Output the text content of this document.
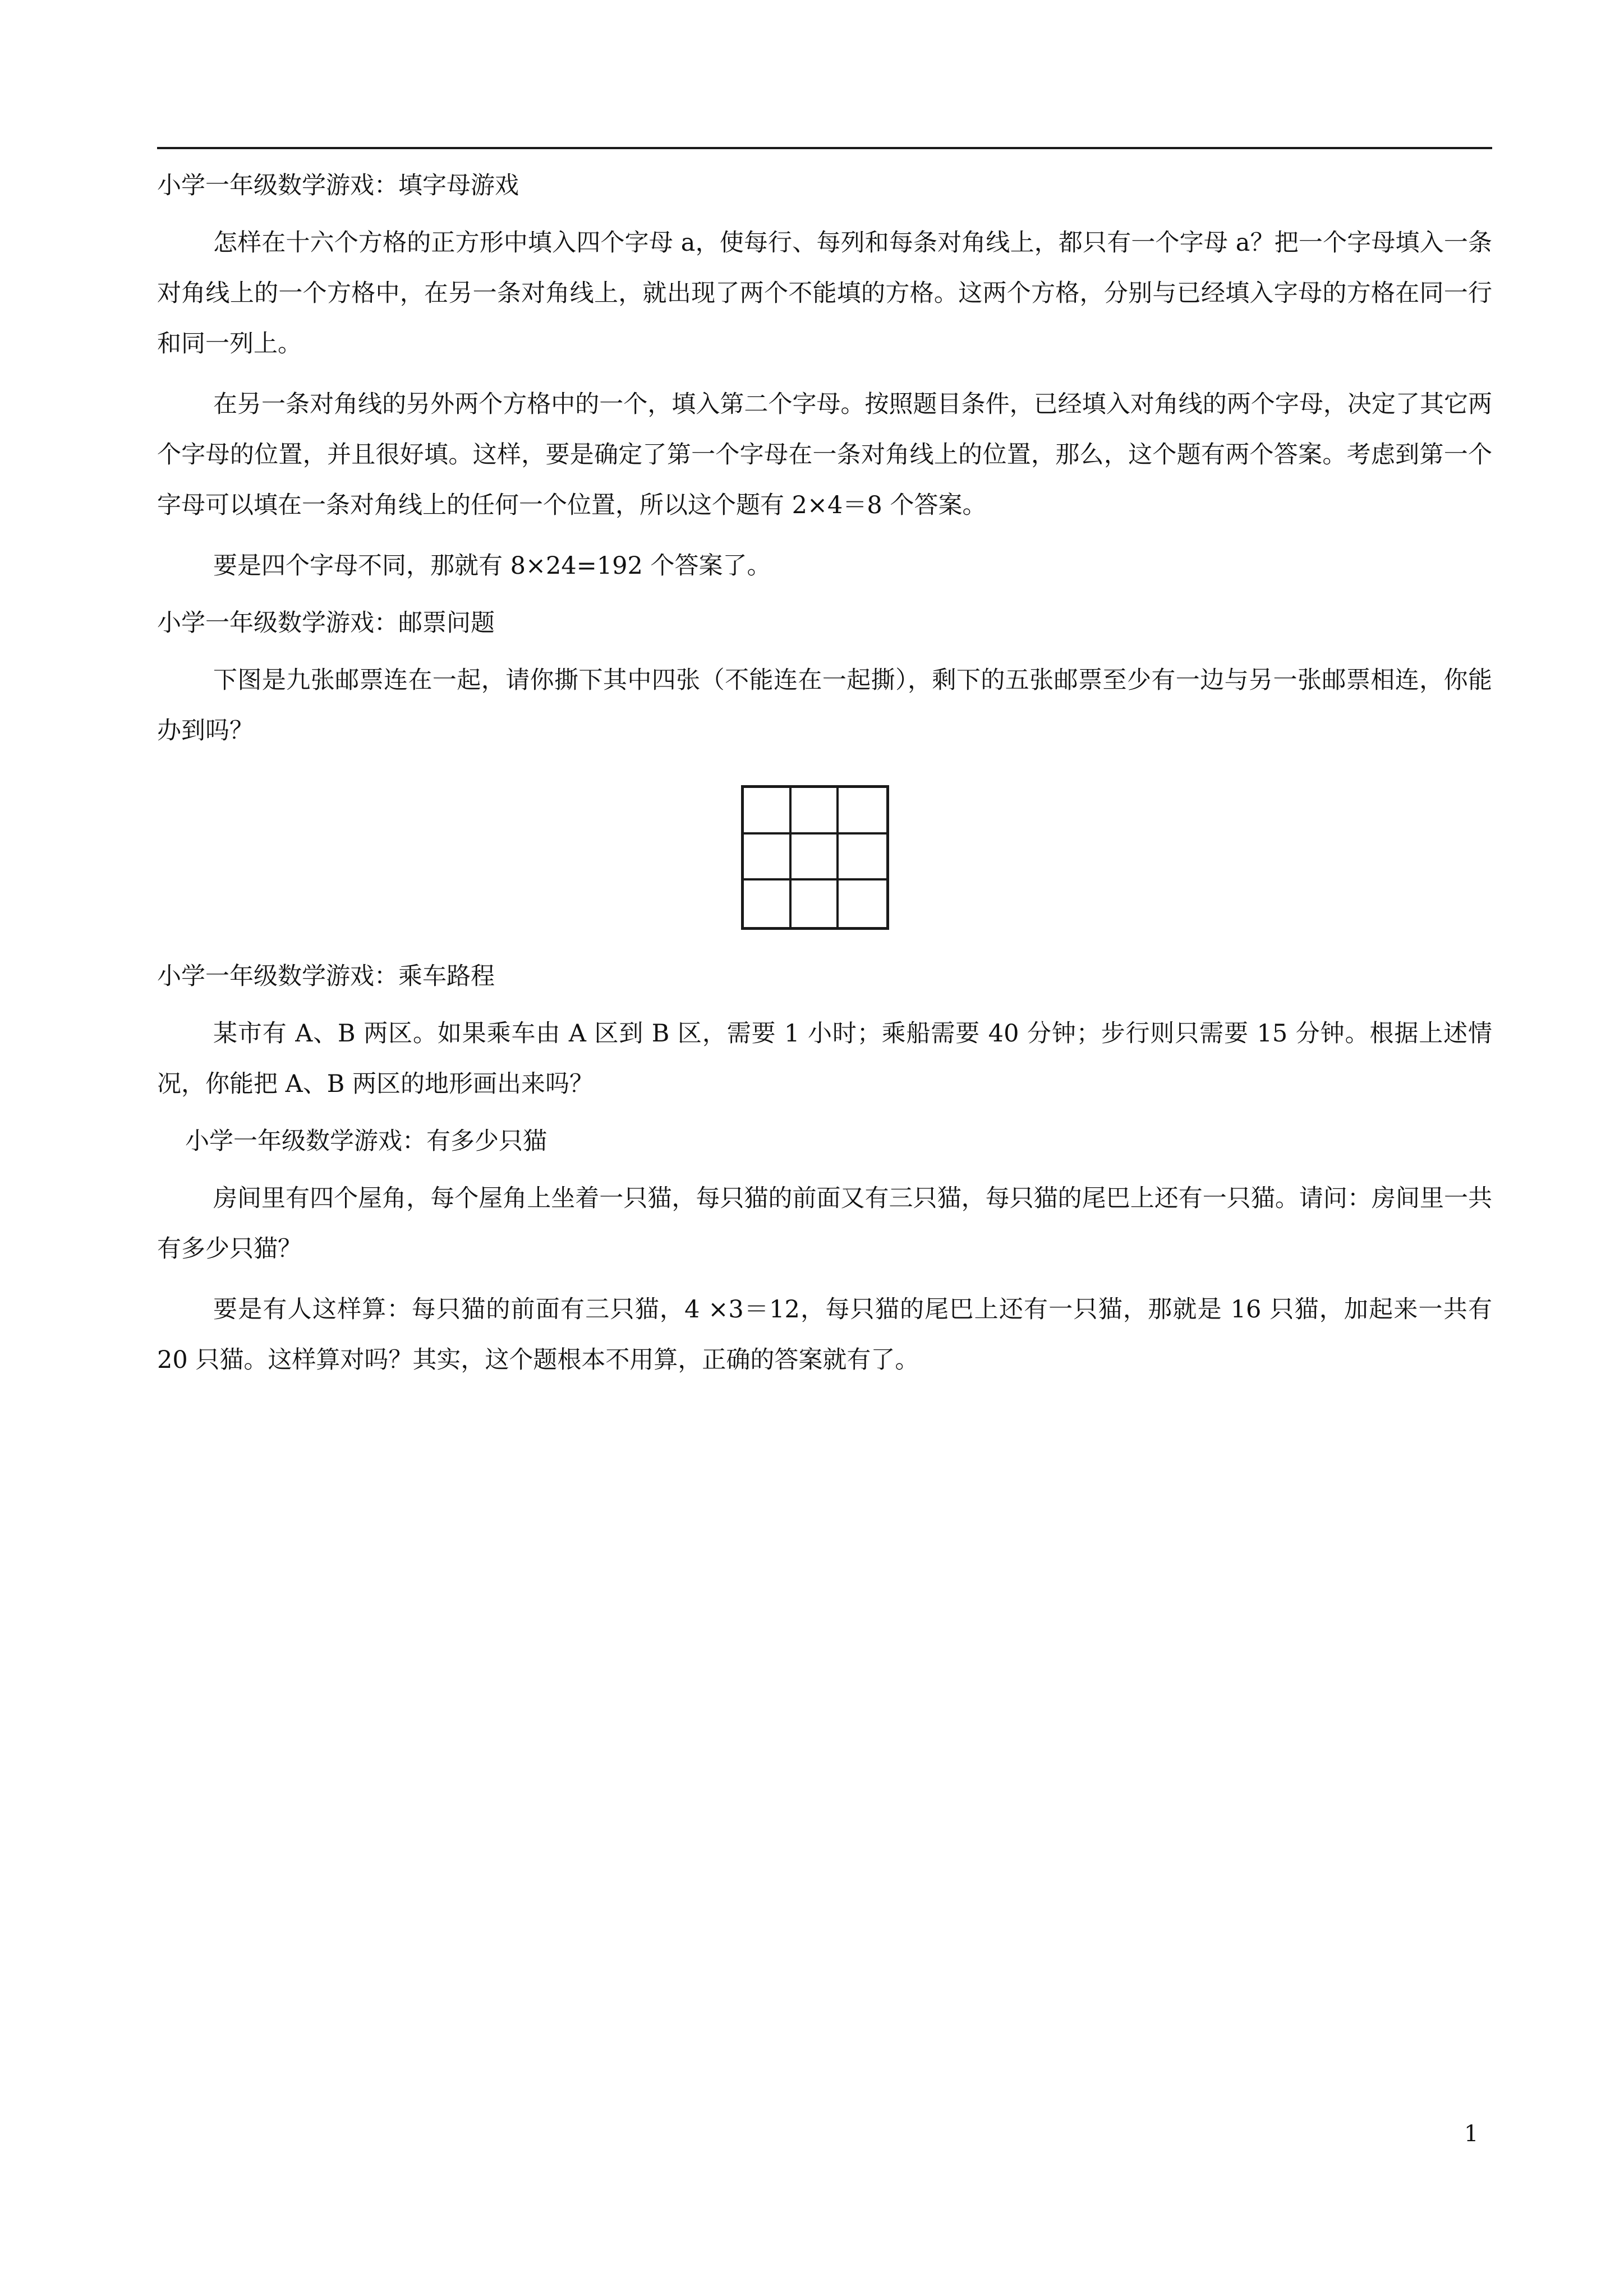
小学一年级数学游戏：填字母游戏

怎样在十六个方格的正方形中填入四个字母 a，使每行、每列和每条对角线上，都只有一个字母 a？把一个字母填入一条对角线上的一个方格中，在另一条对角线上，就出现了两个不能填的方格。这两个方格，分别与已经填入字母的方格在同一行和同一列上。

在另一条对角线的另外两个方格中的一个，填入第二个字母。按照题目条件，已经填入对角线的两个字母，决定了其它两个字母的位置，并且很好填。这样，要是确定了第一个字母在一条对角线上的位置，那么，这个题有两个答案。考虑到第一个字母可以填在一条对角线上的任何一个位置，所以这个题有 2×4＝8 个答案。

要是四个字母不同，那就有 8×24=192 个答案了。

小学一年级数学游戏：邮票问题

下图是九张邮票连在一起，请你撕下其中四张（不能连在一起撕），剩下的五张邮票至少有一边与另一张邮票相连，你能办到吗？

小学一年级数学游戏：乘车路程

某市有 A、B 两区。如果乘车由 A 区到 B 区，需要 1 小时；乘船需要 40 分钟；步行则只需要 15 分钟。根据上述情况，你能把 A、B 两区的地形画出来吗？

小学一年级数学游戏：有多少只猫

房间里有四个屋角，每个屋角上坐着一只猫，每只猫的前面又有三只猫，每只猫的尾巴上还有一只猫。请问：房间里一共有多少只猫？

要是有人这样算：每只猫的前面有三只猫，4 ×3＝12，每只猫的尾巴上还有一只猫，那就是 16 只猫，加起来一共有 20 只猫。这样算对吗？其实，这个题根本不用算，正确的答案就有了。

1
